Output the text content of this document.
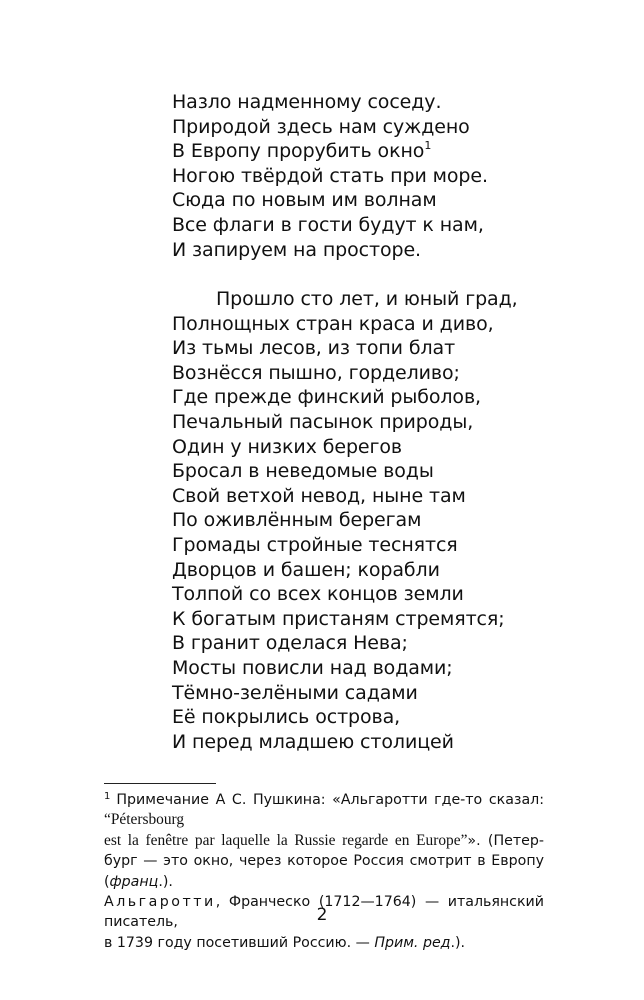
Назло надменному соседу.
Природой здесь нам суждено
В Европу прорубить окно$^1$
Ногою твёрдой стать при море.
Сюда по новым им волнам
Все флаги в гости будут к нам,
И запируем на просторе.
Прошло сто лет, и юный град,
Полнощных стран краса и диво,
Из тьмы лесов, из топи блат
Вознёсся пышно, горделиво;
Где прежде финский рыболов,
Печальный пасынок природы,
Один у низких берегов
Бросал в неведомые воды
Свой ветхой невод, ныне там
По оживлённым берегам
Громады стройные теснятся
Дворцов и башен; корабли
Толпой со всех концов земли
К богатым пристаням стремятся;
В гранит оделася Нева;
Мосты повисли над водами;
Тёмно-зелёными садами
Её покрылись острова,
И перед младшею столицей
$^1$ Примечание А С. Пушкина: «Альгаротти где-то сказал: “Pétersbourg
est la fenêtre par laquelle la Russie regarde en Europe”». (Петер-
бург — это окно, через которое Россия смотрит в Европу (франц.).
Альгаротти, Франческо (1712—1764) — итальянский писатель,
в 1739 году посетивший Россию. — Прим. ред.).
2
